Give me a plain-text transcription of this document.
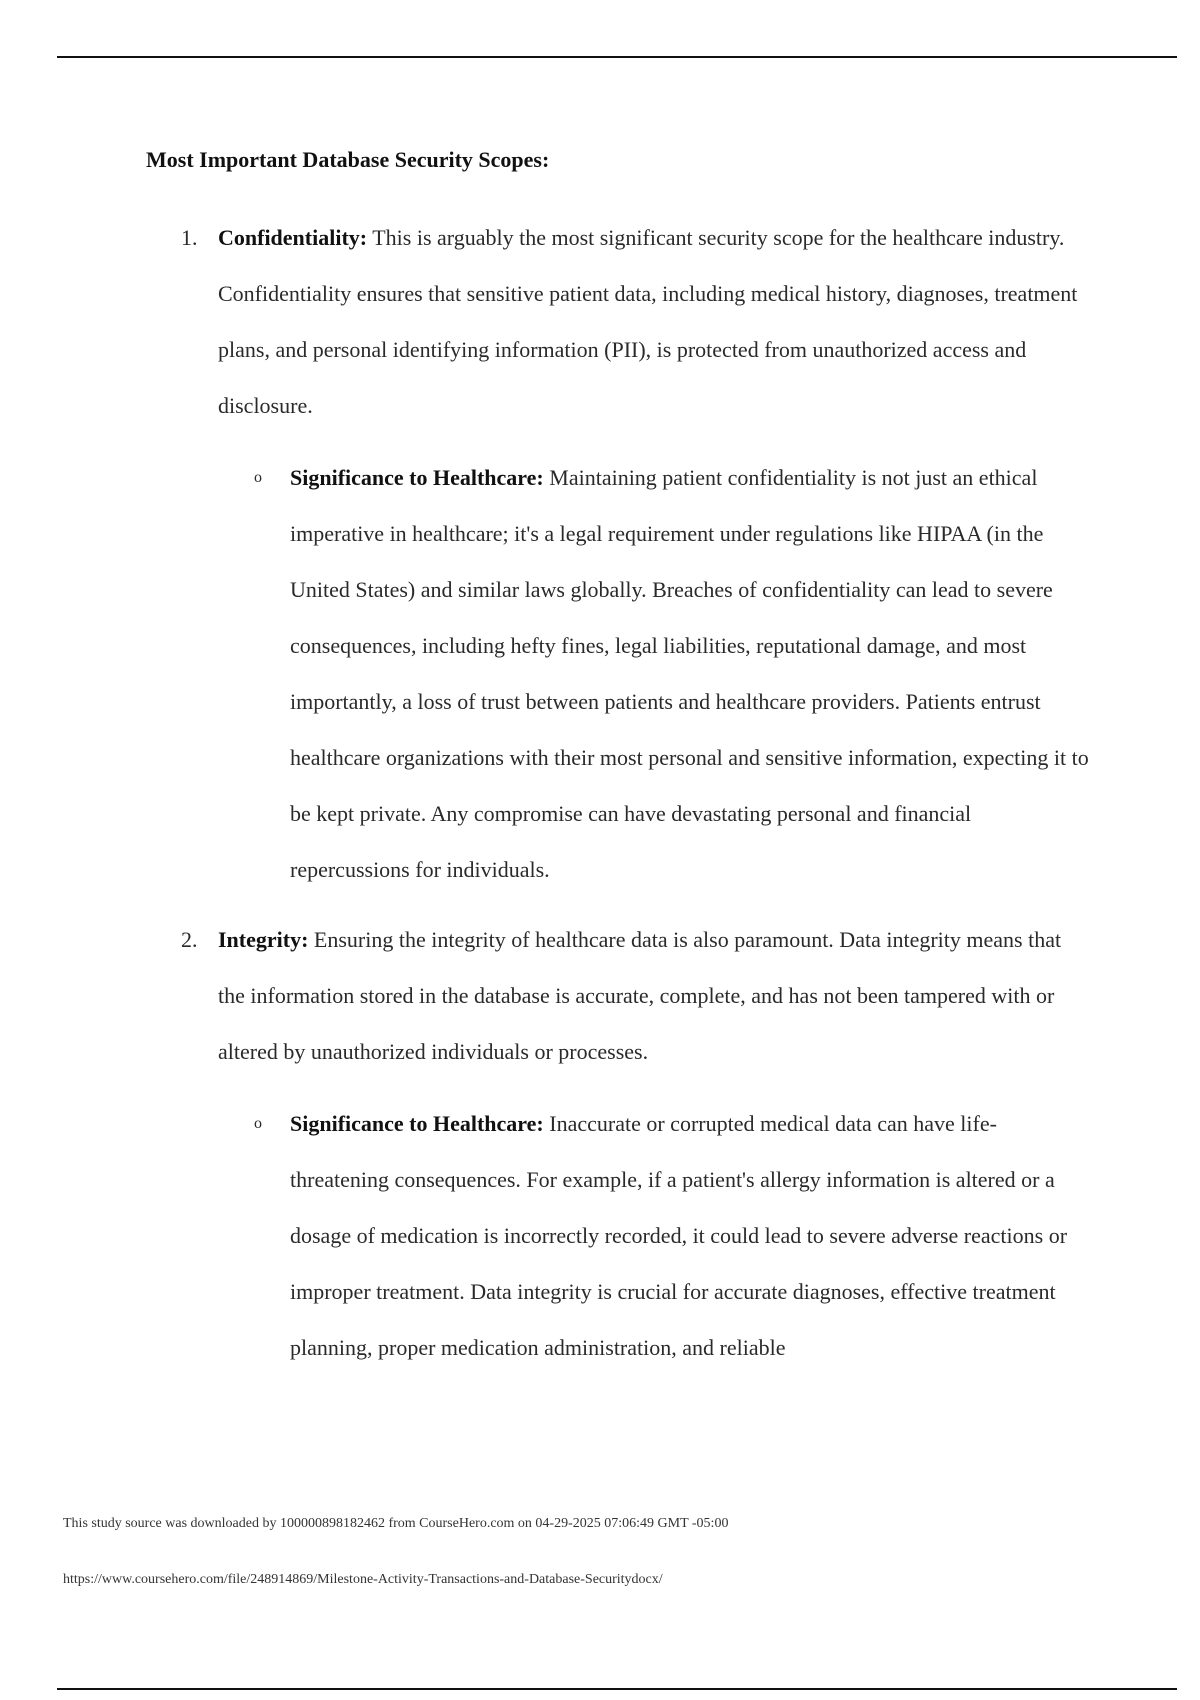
Most Important Database Security Scopes:
1. Confidentiality: This is arguably the most significant security scope for the healthcare industry. Confidentiality ensures that sensitive patient data, including medical history, diagnoses, treatment plans, and personal identifying information (PII), is protected from unauthorized access and disclosure.

o Significance to Healthcare: Maintaining patient confidentiality is not just an ethical imperative in healthcare; it's a legal requirement under regulations like HIPAA (in the United States) and similar laws globally. Breaches of confidentiality can lead to severe consequences, including hefty fines, legal liabilities, reputational damage, and most importantly, a loss of trust between patients and healthcare providers. Patients entrust healthcare organizations with their most personal and sensitive information, expecting it to be kept private. Any compromise can have devastating personal and financial repercussions for individuals.

2. Integrity: Ensuring the integrity of healthcare data is also paramount. Data integrity means that the information stored in the database is accurate, complete, and has not been tampered with or altered by unauthorized individuals or processes.

o Significance to Healthcare: Inaccurate or corrupted medical data can have life-threatening consequences. For example, if a patient's allergy information is altered or a dosage of medication is incorrectly recorded, it could lead to severe adverse reactions or improper treatment. Data integrity is crucial for accurate diagnoses, effective treatment planning, proper medication administration, and reliable

This study source was downloaded by 100000898182462 from CourseHero.com on 04-29-2025 07:06:49 GMT -05:00
https://www.coursehero.com/file/248914869/Milestone-Activity-Transactions-and-Database-Securitydocx/
